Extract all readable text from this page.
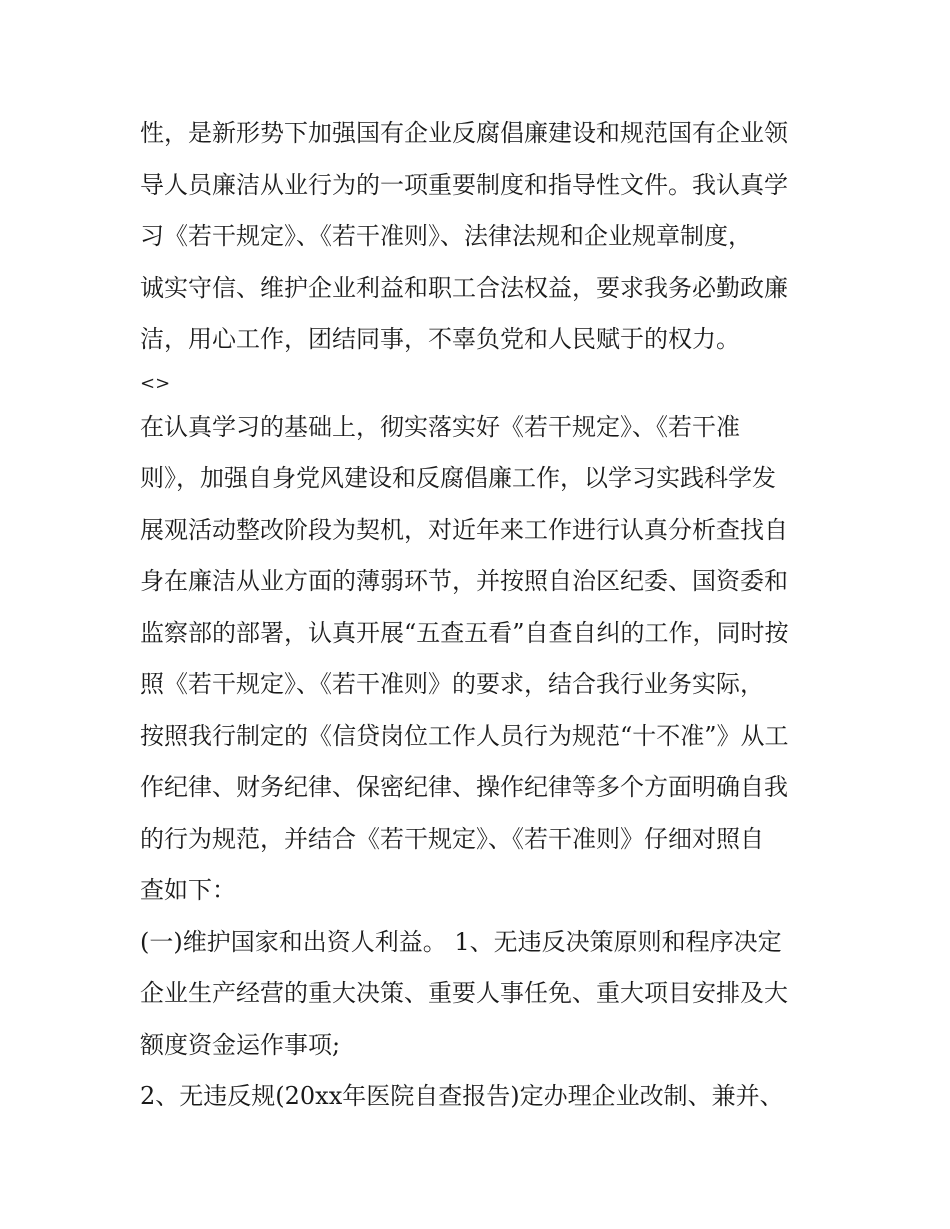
性，是新形势下加强国有企业反腐倡廉建设和规范国有企业领
导人员廉洁从业行为的一项重要制度和指导性文件。我认真学
习《若干规定》、《若干准则》、法律法规和企业规章制度，
诚实守信、维护企业利益和职工合法权益，要求我务必勤政廉
洁，用心工作，团结同事，不辜负党和人民赋于的权力。
<>
在认真学习的基础上，彻实落实好《若干规定》、《若干准
则》，加强自身党风建设和反腐倡廉工作，以学习实践科学发
展观活动整改阶段为契机，对近年来工作进行认真分析查找自
身在廉洁从业方面的薄弱环节，并按照自治区纪委、国资委和
监察部的部署，认真开展“五查五看”自查自纠的工作，同时按
照《若干规定》、《若干准则》的要求，结合我行业务实际，
按照我行制定的《信贷岗位工作人员行为规范“十不准”》从工
作纪律、财务纪律、保密纪律、操作纪律等多个方面明确自我
的行为规范，并结合《若干规定》、《若干准则》仔细对照自
查如下：
(一)维护国家和出资人利益。 1、无违反决策原则和程序决定
企业生产经营的重大决策、重要人事任免、重大项目安排及大
额度资金运作事项;
2、无违反规(20xx年医院自查报告)定办理企业改制、兼并、
